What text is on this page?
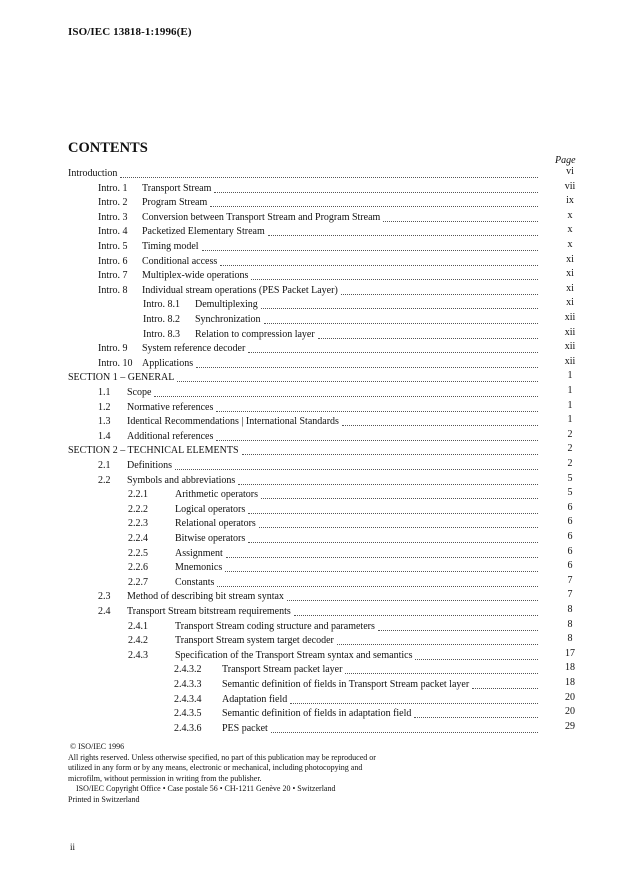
ISO/IEC 13818-1:1996(E)
CONTENTS
Page
Introduction	vi
Intro. 1	Transport Stream	vii
Intro. 2	Program Stream	ix
Intro. 3	Conversion between Transport Stream and Program Stream	x
Intro. 4	Packetized Elementary Stream	x
Intro. 5	Timing model	x
Intro. 6	Conditional access	xi
Intro. 7	Multiplex-wide operations	xi
Intro. 8	Individual stream operations (PES Packet Layer)	xi
Intro. 8.1	Demultiplexing	xi
Intro. 8.2	Synchronization	xii
Intro. 8.3	Relation to compression layer	xii
Intro. 9	System reference decoder	xii
Intro. 10 Applications	xii
SECTION 1 – GENERAL	1
1.1	Scope	1
1.2	Normative references	1
1.3	Identical Recommendations | International Standards	1
1.4	Additional references	2
SECTION 2 – TECHNICAL ELEMENTS	2
2.1	Definitions	2
2.2	Symbols and abbreviations	5
2.2.1	Arithmetic operators	5
2.2.2	Logical operators	6
2.2.3	Relational operators	6
2.2.4	Bitwise operators	6
2.2.5	Assignment	6
2.2.6	Mnemonics	6
2.2.7	Constants	7
2.3	Method of describing bit stream syntax	7
2.4	Transport Stream bitstream requirements	8
2.4.1	Transport Stream coding structure and parameters	8
2.4.2	Transport Stream system target decoder	8
2.4.3	Specification of the Transport Stream syntax and semantics	17
2.4.3.2	Transport Stream packet layer	18
2.4.3.3	Semantic definition of fields in Transport Stream packet layer	18
2.4.3.4	Adaptation field	20
2.4.3.5	Semantic definition of fields in adaptation field	20
2.4.3.6	PES packet	29
© ISO/IEC 1996
All rights reserved. Unless otherwise specified, no part of this publication may be reproduced or
utilized in any form or by any means, electronic or mechanical, including photocopying and
microfilm, without permission in writing from the publisher.
ISO/IEC Copyright Office • Case postale 56 • CH-1211 Genève 20 • Switzerland
Printed in Switzerland
ii
